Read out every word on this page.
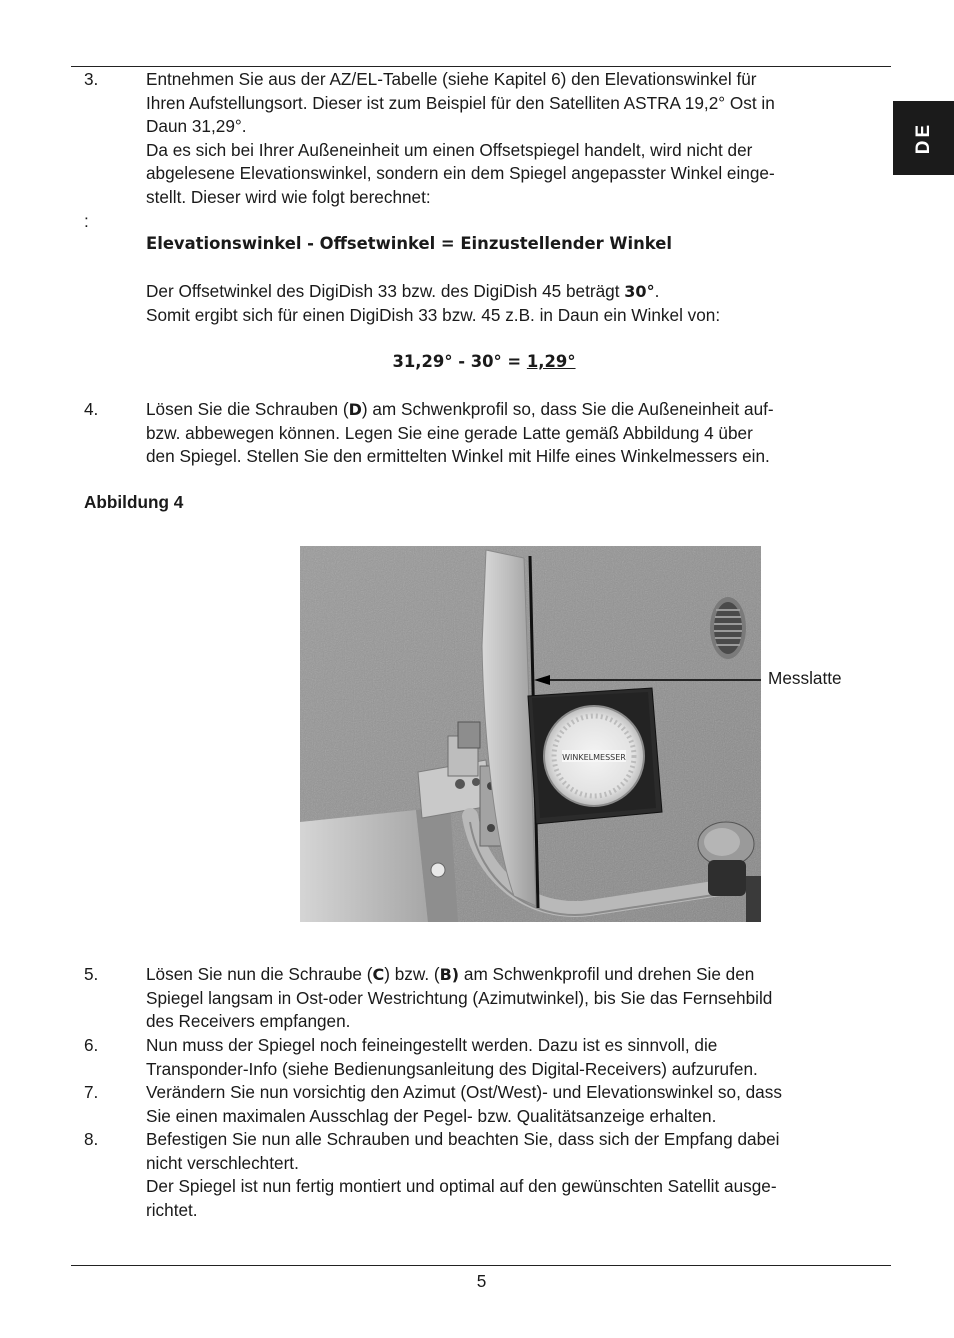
DE
3.	Entnehmen Sie aus der AZ/EL-Tabelle (siehe Kapitel 6) den Elevationswinkel für

Ihren Aufstellungsort. Dieser ist zum Beispiel für den Satelliten ASTRA 19,2° Ost in

Daun 31,29°.

Da es sich bei Ihrer Außeneinheit um einen Offsetspiegel handelt, wird nicht der

abgelesene Elevationswinkel, sondern ein dem Spiegel angepasster Winkel einge-

stellt. Dieser wird wie folgt berechnet:

:
Elevationswinkel - Offsetwinkel = Einzustellender Winkel

Der Offsetwinkel des DigiDish 33 bzw. des DigiDish 45 beträgt 30°.

Somit ergibt sich für einen DigiDish 33 bzw. 45 z.B. in Daun ein Winkel von:

31,29° - 30° = 1,29°
4.	Lösen Sie die Schrauben (D) am Schwenkprofil so, dass Sie die Außeneinheit auf-

bzw. abbewegen können. Legen Sie eine gerade Latte gemäß Abbildung 4 über

den Spiegel. Stellen Sie den ermittelten Winkel mit Hilfe eines Winkelmessers ein.

Abbildung 4
WINKELMESSER
Messlatte
5.	Lösen Sie nun die Schraube (C) bzw. (B) am Schwenkprofil und drehen Sie den

Spiegel langsam in Ost-oder Westrichtung (Azimutwinkel), bis Sie das Fernsehbild

des Receivers empfangen.

6.	Nun muss der Spiegel noch feineingestellt werden. Dazu ist es sinnvoll, die

Transponder-Info (siehe Bedienungsanleitung des Digital-Receivers) aufzurufen.

7.	Verändern Sie nun vorsichtig den Azimut (Ost/West)- und Elevationswinkel so, dass

Sie einen maximalen Ausschlag der Pegel- bzw. Qualitätsanzeige erhalten.

8.	Befestigen Sie nun alle Schrauben und beachten Sie, dass sich der Empfang dabei

nicht verschlechtert.

Der Spiegel ist nun fertig montiert und optimal auf den gewünschten Satellit ausge-

richtet.

5
